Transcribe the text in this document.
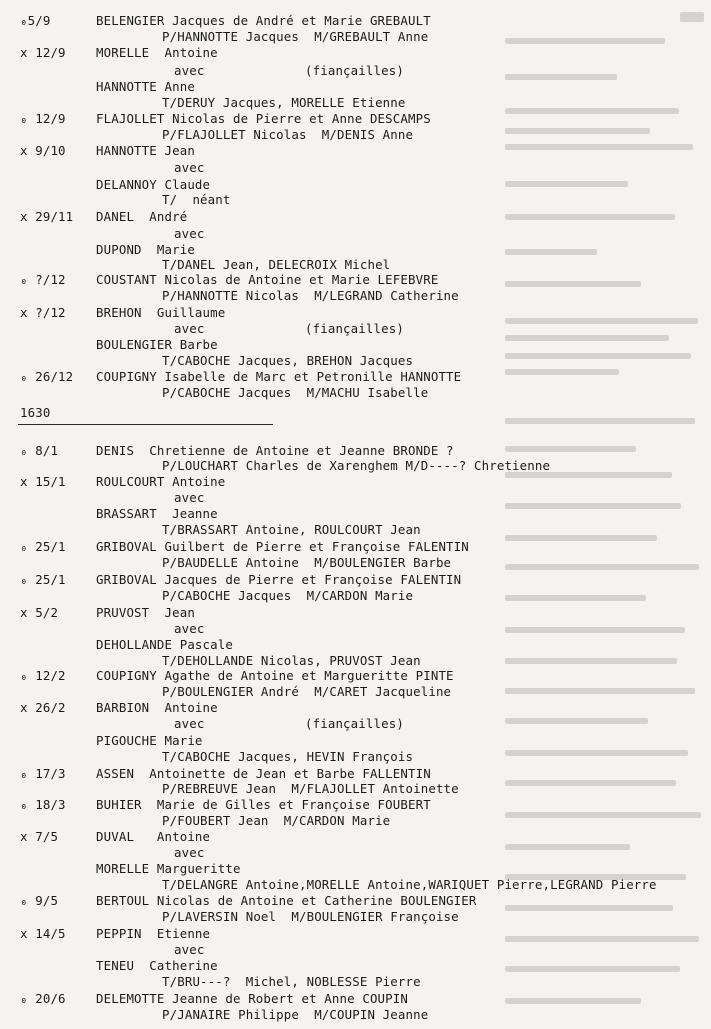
₀5/9	BELENGIER Jacques de André et Marie GREBAULT
P/HANNOTTE Jacques  M/GREBAULT Anne
x 12/9 MORELLE  Antoine
avec	(fiançailles)
HANNOTTE Anne
T/DERUY Jacques, MORELLE Etienne
₀ 12/9 FLAJOLLET Nicolas de Pierre et Anne DESCAMPS
P/FLAJOLLET Nicolas  M/DENIS Anne
x 9/10 HANNOTTE Jean
avec
DELANNOY Claude
T/  néant
x 29/11 DANEL  André
avec
DUPOND  Marie
T/DANEL Jean, DELECROIX Michel
₀ ?/12 COUSTANT Nicolas de Antoine et Marie LEFEBVRE
P/HANNOTTE Nicolas  M/LEGRAND Catherine
x ?/12 BREHON  Guillaume
avec	(fiançailles)
BOULENGIER Barbe
T/CABOCHE Jacques, BREHON Jacques
₀ 26/12 COUPIGNY Isabelle de Marc et Petronille HANNOTTE
P/CABOCHE Jacques  M/MACHU Isabelle
1630
₀ 8/1	DENIS  Chretienne de Antoine et Jeanne BRONDE ?
P/LOUCHART Charles de Xarenghem M/D----? Chretienne
x 15/1 ROULCOURT Antoine
avec
BRASSART  Jeanne
T/BRASSART Antoine, ROULCOURT Jean
₀ 25/1 GRIBOVAL Guilbert de Pierre et Françoise FALENTIN
P/BAUDELLE Antoine  M/BOULENGIER Barbe
₀ 25/1 GRIBOVAL Jacques de Pierre et Françoise FALENTIN
P/CABOCHE Jacques  M/CARDON Marie
x 5/2	PRUVOST  Jean
avec
DEHOLLANDE Pascale
T/DEHOLLANDE Nicolas, PRUVOST Jean
₀ 12/2 COUPIGNY Agathe de Antoine et Margueritte PINTE
P/BOULENGIER André  M/CARET Jacqueline
x 26/2 BARBION  Antoine
avec	(fiançailles)
PIGOUCHE Marie
T/CABOCHE Jacques, HEVIN François
₀ 17/3 ASSEN  Antoinette de Jean et Barbe FALLENTIN
P/REBREUVE Jean  M/FLAJOLLET Antoinette
₀ 18/3 BUHIER  Marie de Gilles et Françoise FOUBERT
P/FOUBERT Jean  M/CARDON Marie
x 7/5	DUVAL   Antoine
avec
MORELLE Margueritte
T/DELANGRE Antoine,MORELLE Antoine,WARIQUET Pierre,LEGRAND Pierre
₀ 9/5	BERTOUL Nicolas de Antoine et Catherine BOULENGIER
P/LAVERSIN Noel  M/BOULENGIER Françoise
x 14/5 PEPPIN  Etienne
avec
TENEU  Catherine
T/BRU---?  Michel, NOBLESSE Pierre
₀ 20/6 DELEMOTTE Jeanne de Robert et Anne COUPIN
P/JANAIRE Philippe  M/COUPIN Jeanne
